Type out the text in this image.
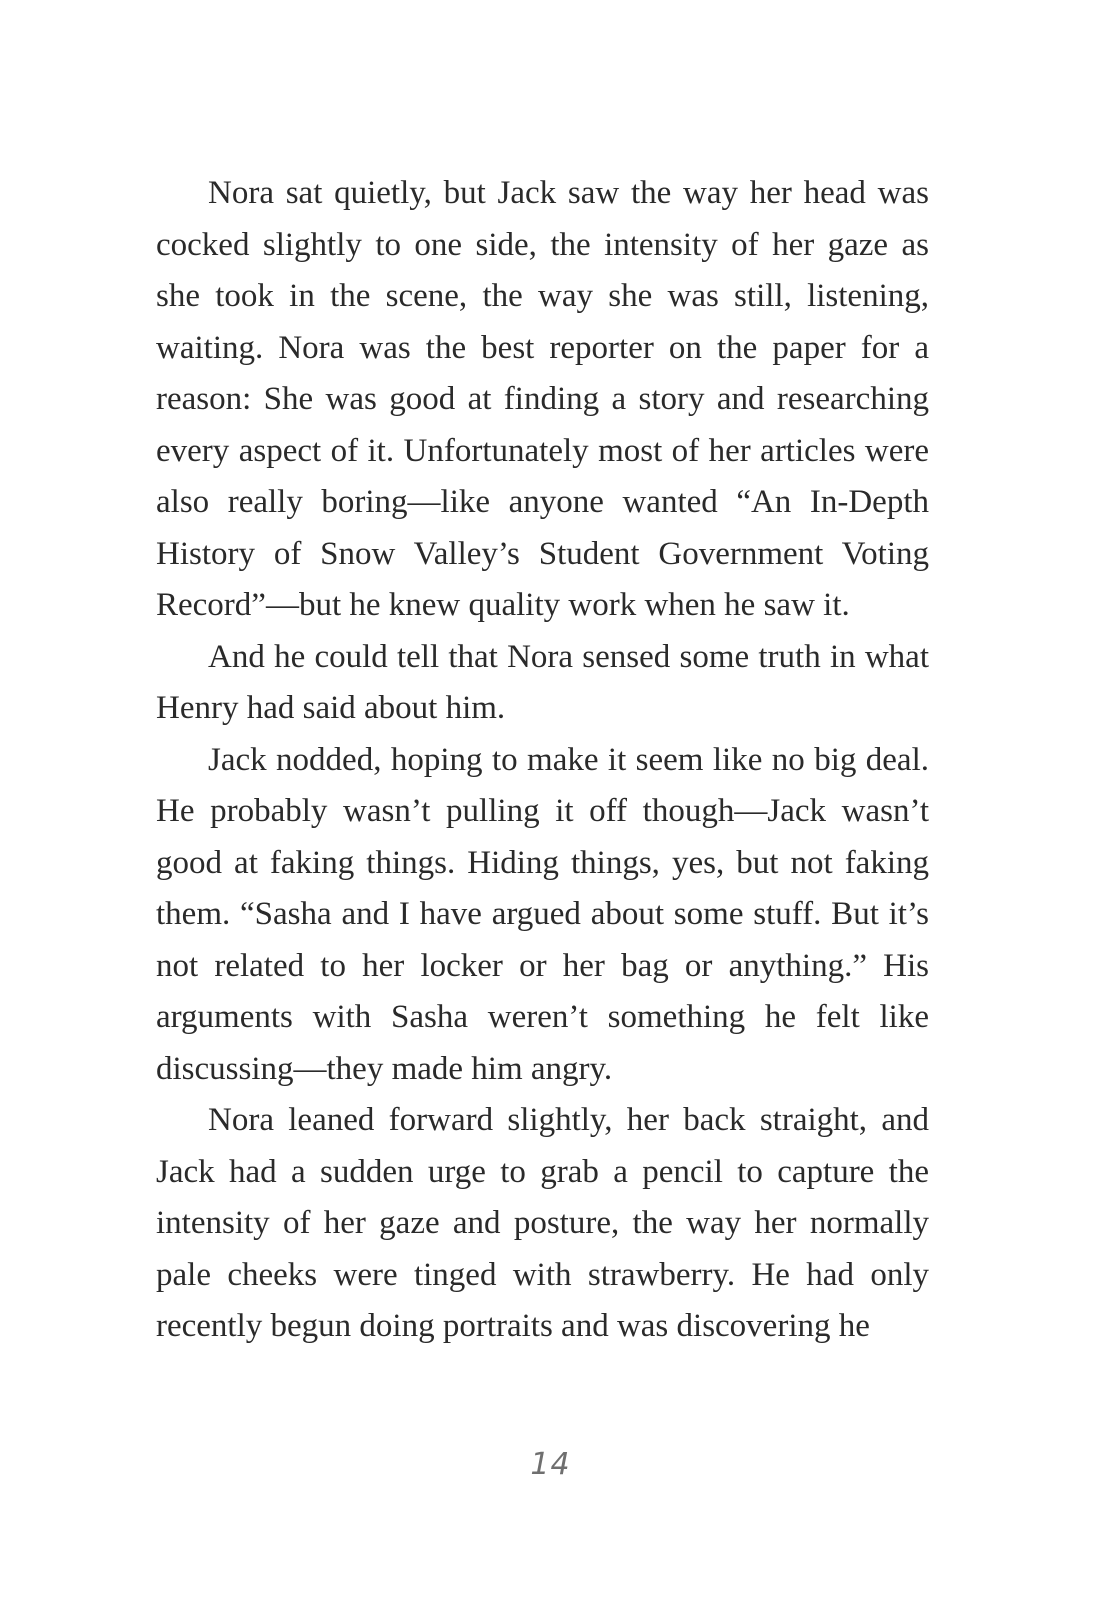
Nora sat quietly, but Jack saw the way her head was cocked slightly to one side, the intensity of her gaze as she took in the scene, the way she was still, listening, waiting. Nora was the best reporter on the paper for a reason: She was good at finding a story and researching every aspect of it. Unfortunately most of her articles were also really boring—like anyone wanted “An In-Depth History of Snow Valley’s Student Government Voting Record”—but he knew quality work when he saw it.

And he could tell that Nora sensed some truth in what Henry had said about him.

Jack nodded, hoping to make it seem like no big deal. He probably wasn’t pulling it off though—Jack wasn’t good at faking things. Hiding things, yes, but not faking them. “Sasha and I have argued about some stuff. But it’s not related to her locker or her bag or anything.” His arguments with Sasha weren’t something he felt like discussing—they made him angry.

Nora leaned forward slightly, her back straight, and Jack had a sudden urge to grab a pencil to capture the intensity of her gaze and posture, the way her normally pale cheeks were tinged with strawberry. He had only recently begun doing portraits and was discovering he

14
